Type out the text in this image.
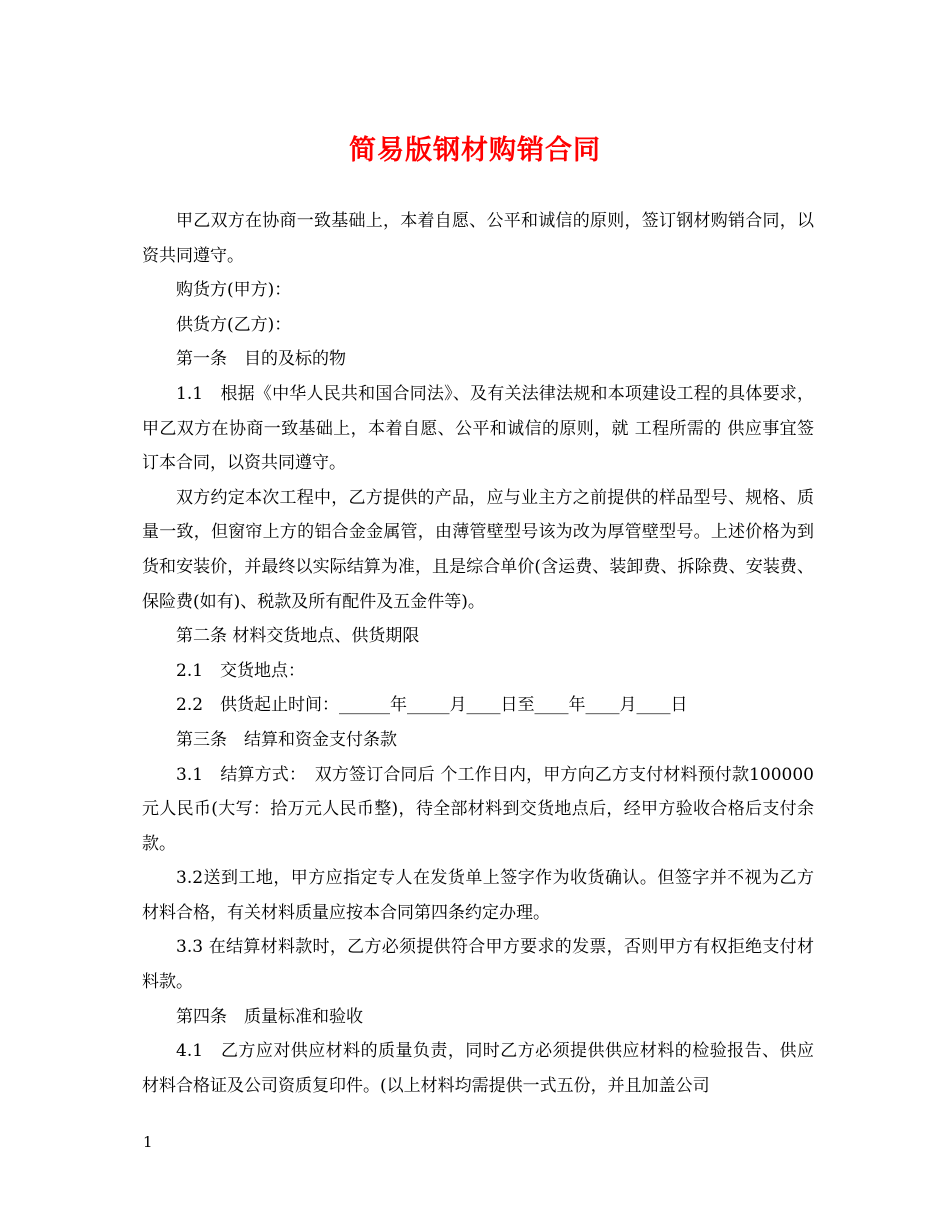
简易版钢材购销合同

甲乙双方在协商一致基础上，本着自愿、公平和诚信的原则，签订钢材购销合同，以资共同遵守。

购货方(甲方)：

供货方(乙方)：

第一条　目的及标的物

1.1　根据《中华人民共和国合同法》、及有关法律法规和本项建设工程的具体要求，甲乙双方在协商一致基础上，本着自愿、公平和诚信的原则，就 工程所需的 供应事宜签订本合同，以资共同遵守。

双方约定本次工程中，乙方提供的产品，应与业主方之前提供的样品型号、规格、质量一致，但窗帘上方的铝合金金属管，由薄管壁型号该为改为厚管壁型号。上述价格为到货和安装价，并最终以实际结算为准，且是综合单价(含运费、装卸费、拆除费、安装费、保险费(如有)、税款及所有配件及五金件等)。

第二条 材料交货地点、供货期限

2.1　交货地点：

2.2　供货起止时间：______年_____月____日至____年____月____日

第三条　结算和资金支付条款

3.1　结算方式：　双方签订合同后 个工作日内，甲方向乙方支付材料预付款100000元人民币(大写：拾万元人民币整)，待全部材料到交货地点后，经甲方验收合格后支付余款。

3.2送到工地，甲方应指定专人在发货单上签字作为收货确认。但签字并不视为乙方材料合格，有关材料质量应按本合同第四条约定办理。

3.3 在结算材料款时，乙方必须提供符合甲方要求的发票，否则甲方有权拒绝支付材料款。

第四条　质量标准和验收

4.1　乙方应对供应材料的质量负责，同时乙方必须提供供应材料的检验报告、供应材料合格证及公司资质复印件。(以上材料均需提供一式五份，并且加盖公司

1
